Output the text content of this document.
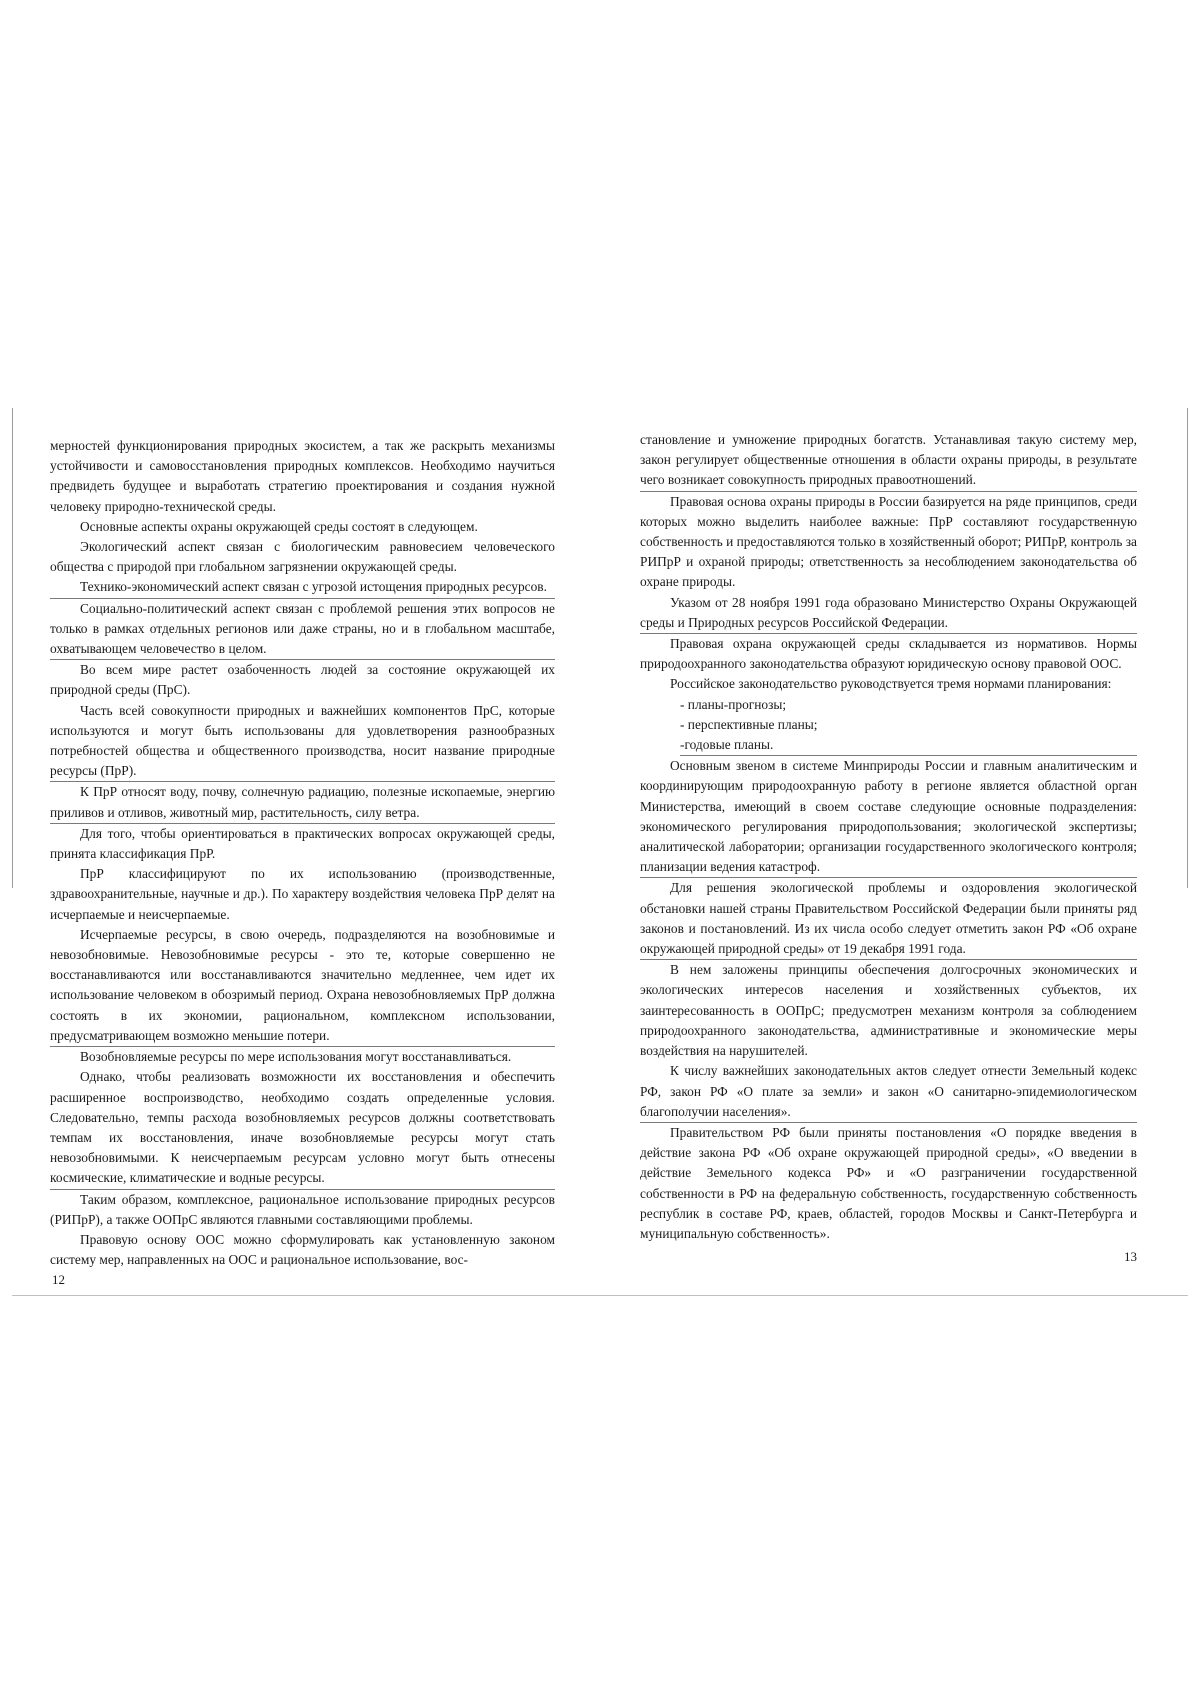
мерностей функционирования природных экосистем, а так же раскрыть механизмы устойчивости и самовосстановления природных комплексов. Необходимо научиться предвидеть будущее и выработать стратегию проектирования и создания нужной человеку природно-технической среды.

Основные аспекты охраны окружающей среды состоят в следующем.

Экологический аспект связан с биологическим равновесием человеческого общества с природой при глобальном загрязнении окружающей среды.

Технико-экономический аспект связан с угрозой истощения природных ресурсов.

Социально-политический аспект связан с проблемой решения этих вопросов не только в рамках отдельных регионов или даже страны, но и в глобальном масштабе, охватывающем человечество в целом.

Во всем мире растет озабоченность людей за состояние окружающей их природной среды (ПрС).

Часть всей совокупности природных и важнейших компонентов ПрС, которые используются и могут быть использованы для удовлетворения разнообразных потребностей общества и общественного производства, носит название природные ресурсы (ПрР).

К ПрР относят воду, почву, солнечную радиацию, полезные ископаемые, энергию приливов и отливов, животный мир, растительность, силу ветра.

Для того, чтобы ориентироваться в практических вопросах окружающей среды, принята классификация ПрР.

ПрР классифицируют по их использованию (производственные, здравоохранительные, научные и др.). По характеру воздействия человека ПрР делят на исчерпаемые и неисчерпаемые.

Исчерпаемые ресурсы, в свою очередь, подразделяются на возобновимые и невозобновимые. Невозобновимые ресурсы - это те, которые совершенно не восстанавливаются или восстанавливаются значительно медленнее, чем идет их использование человеком в обозримый период. Охрана невозобновляемых ПрР должна состоять в их экономии, рациональном, комплексном использовании, предусматривающем возможно меньшие потери.

Возобновляемые ресурсы по мере использования могут восстанавливаться.

Однако, чтобы реализовать возможности их восстановления и обеспечить расширенное воспроизводство, необходимо создать определенные условия. Следовательно, темпы расхода возобновляемых ресурсов должны соответствовать темпам их восстановления, иначе возобновляемые ресурсы могут стать невозобновимыми. К неисчерпаемым ресурсам условно могут быть отнесены космические, климатические и водные ресурсы.

Таким образом, комплексное, рациональное использование природных ресурсов (РИПрР), а также ООПрС являются главными составляющими проблемы.

Правовую основу ООС можно сформулировать как установленную законом систему мер, направленных на ООС и рациональное использование, вос-

становление и умножение природных богатств. Устанавливая такую систему мер, закон регулирует общественные отношения в области охраны природы, в результате чего возникает совокупность природных правоотношений.

Правовая основа охраны природы в России базируется на ряде принципов, среди которых можно выделить наиболее важные: ПрР составляют государственную собственность и предоставляются только в хозяйственный оборот; РИПрР, контроль за РИПрР и охраной природы; ответственность за несоблюдением законодательства об охране природы.

Указом от 28 ноября 1991 года образовано Министерство Охраны Окружающей среды и Природных ресурсов Российской Федерации.

Правовая охрана окружающей среды складывается из нормативов. Нормы природоохранного законодательства образуют юридическую основу правовой ООС.

Российское законодательство руководствуется тремя нормами планирования:

- планы-прогнозы;
- перспективные планы;
-годовые планы.

Основным звеном в системе Минприроды России и главным аналитическим и координирующим природоохранную работу в регионе является областной орган Министерства, имеющий в своем составе следующие основные подразделения: экономического регулирования природопользования; экологической экспертизы; аналитической лаборатории; организации государственного экологического контроля; планизации ведения катастроф.

Для решения экологической проблемы и оздоровления экологической обстановки нашей страны Правительством Российской Федерации были приняты ряд законов и постановлений. Из их числа особо следует отметить закон РФ «Об охране окружающей природной среды» от 19 декабря 1991 года.

В нем заложены принципы обеспечения долгосрочных экономических и экологических интересов населения и хозяйственных субъектов, их заинтересованность в ООПрС; предусмотрен механизм контроля за соблюдением природоохранного законодательства, административные и экономические меры воздействия на нарушителей.

К числу важнейших законодательных актов следует отнести Земельный кодекс РФ, закон РФ «О плате за земли» и закон «О санитарно-эпидемиологическом благополучии населения».

Правительством РФ были приняты постановления «О порядке введения в действие закона РФ «Об охране окружающей природной среды», «О введении в действие Земельного кодекса РФ» и «О разграничении государственной собственности в РФ на федеральную собственность, государственную собственность республик в составе РФ, краев, областей, городов Москвы и Санкт-Петербурга и муниципальную собственность».

12
13
